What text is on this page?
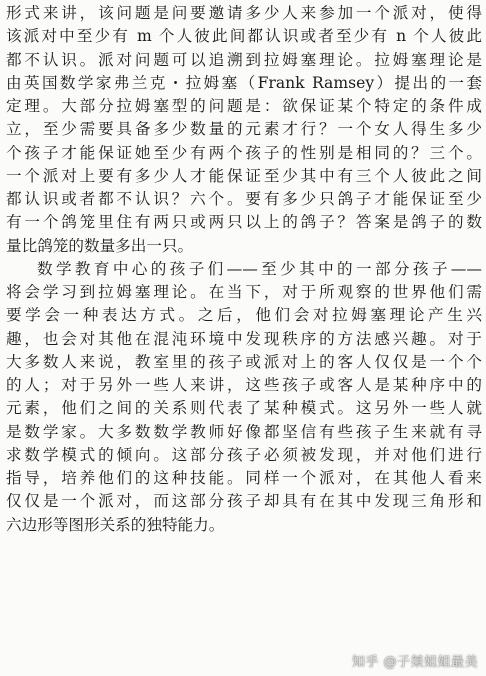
形式来讲，该问题是问要邀请多少人来参加一个派对，使得
该派对中至少有 m 个人彼此间都认识或者至少有 n 个人彼此
都不认识。派对问题可以追溯到拉姆塞理论。拉姆塞理论是
由英国数学家弗兰克・拉姆塞（Frank Ramsey）提出的一套
定理。大部分拉姆塞型的问题是：欲保证某个特定的条件成
立，至少需要具备多少数量的元素才行？一个女人得生多少
个孩子才能保证她至少有两个孩子的性别是相同的？三个。
一个派对上要有多少人才能保证至少其中有三个人彼此之间
都认识或者都不认识？六个。要有多少只鸽子才能保证至少
有一个鸽笼里住有两只或两只以上的鸽子？答案是鸽子的数
量比鸽笼的数量多出一只。
数学教育中心的孩子们——至少其中的一部分孩子——
将会学习到拉姆塞理论。在当下，对于所观察的世界他们需
要学会一种表达方式。之后，他们会对拉姆塞理论产生兴
趣，也会对其他在混沌环境中发现秩序的方法感兴趣。对于
大多数人来说，教室里的孩子或派对上的客人仅仅是一个个
的人；对于另外一些人来讲，这些孩子或客人是某种序中的
元素，他们之间的关系则代表了某种模式。这另外一些人就
是数学家。大多数数学教师好像都坚信有些孩子生来就有寻
求数学模式的倾向。这部分孩子必须被发现，并对他们进行
指导，培养他们的这种技能。同样一个派对，在其他人看来
仅仅是一个派对，而这部分孩子却具有在其中发现三角形和
六边形等图形关系的独特能力。
知乎 @子桀姐姐最美
